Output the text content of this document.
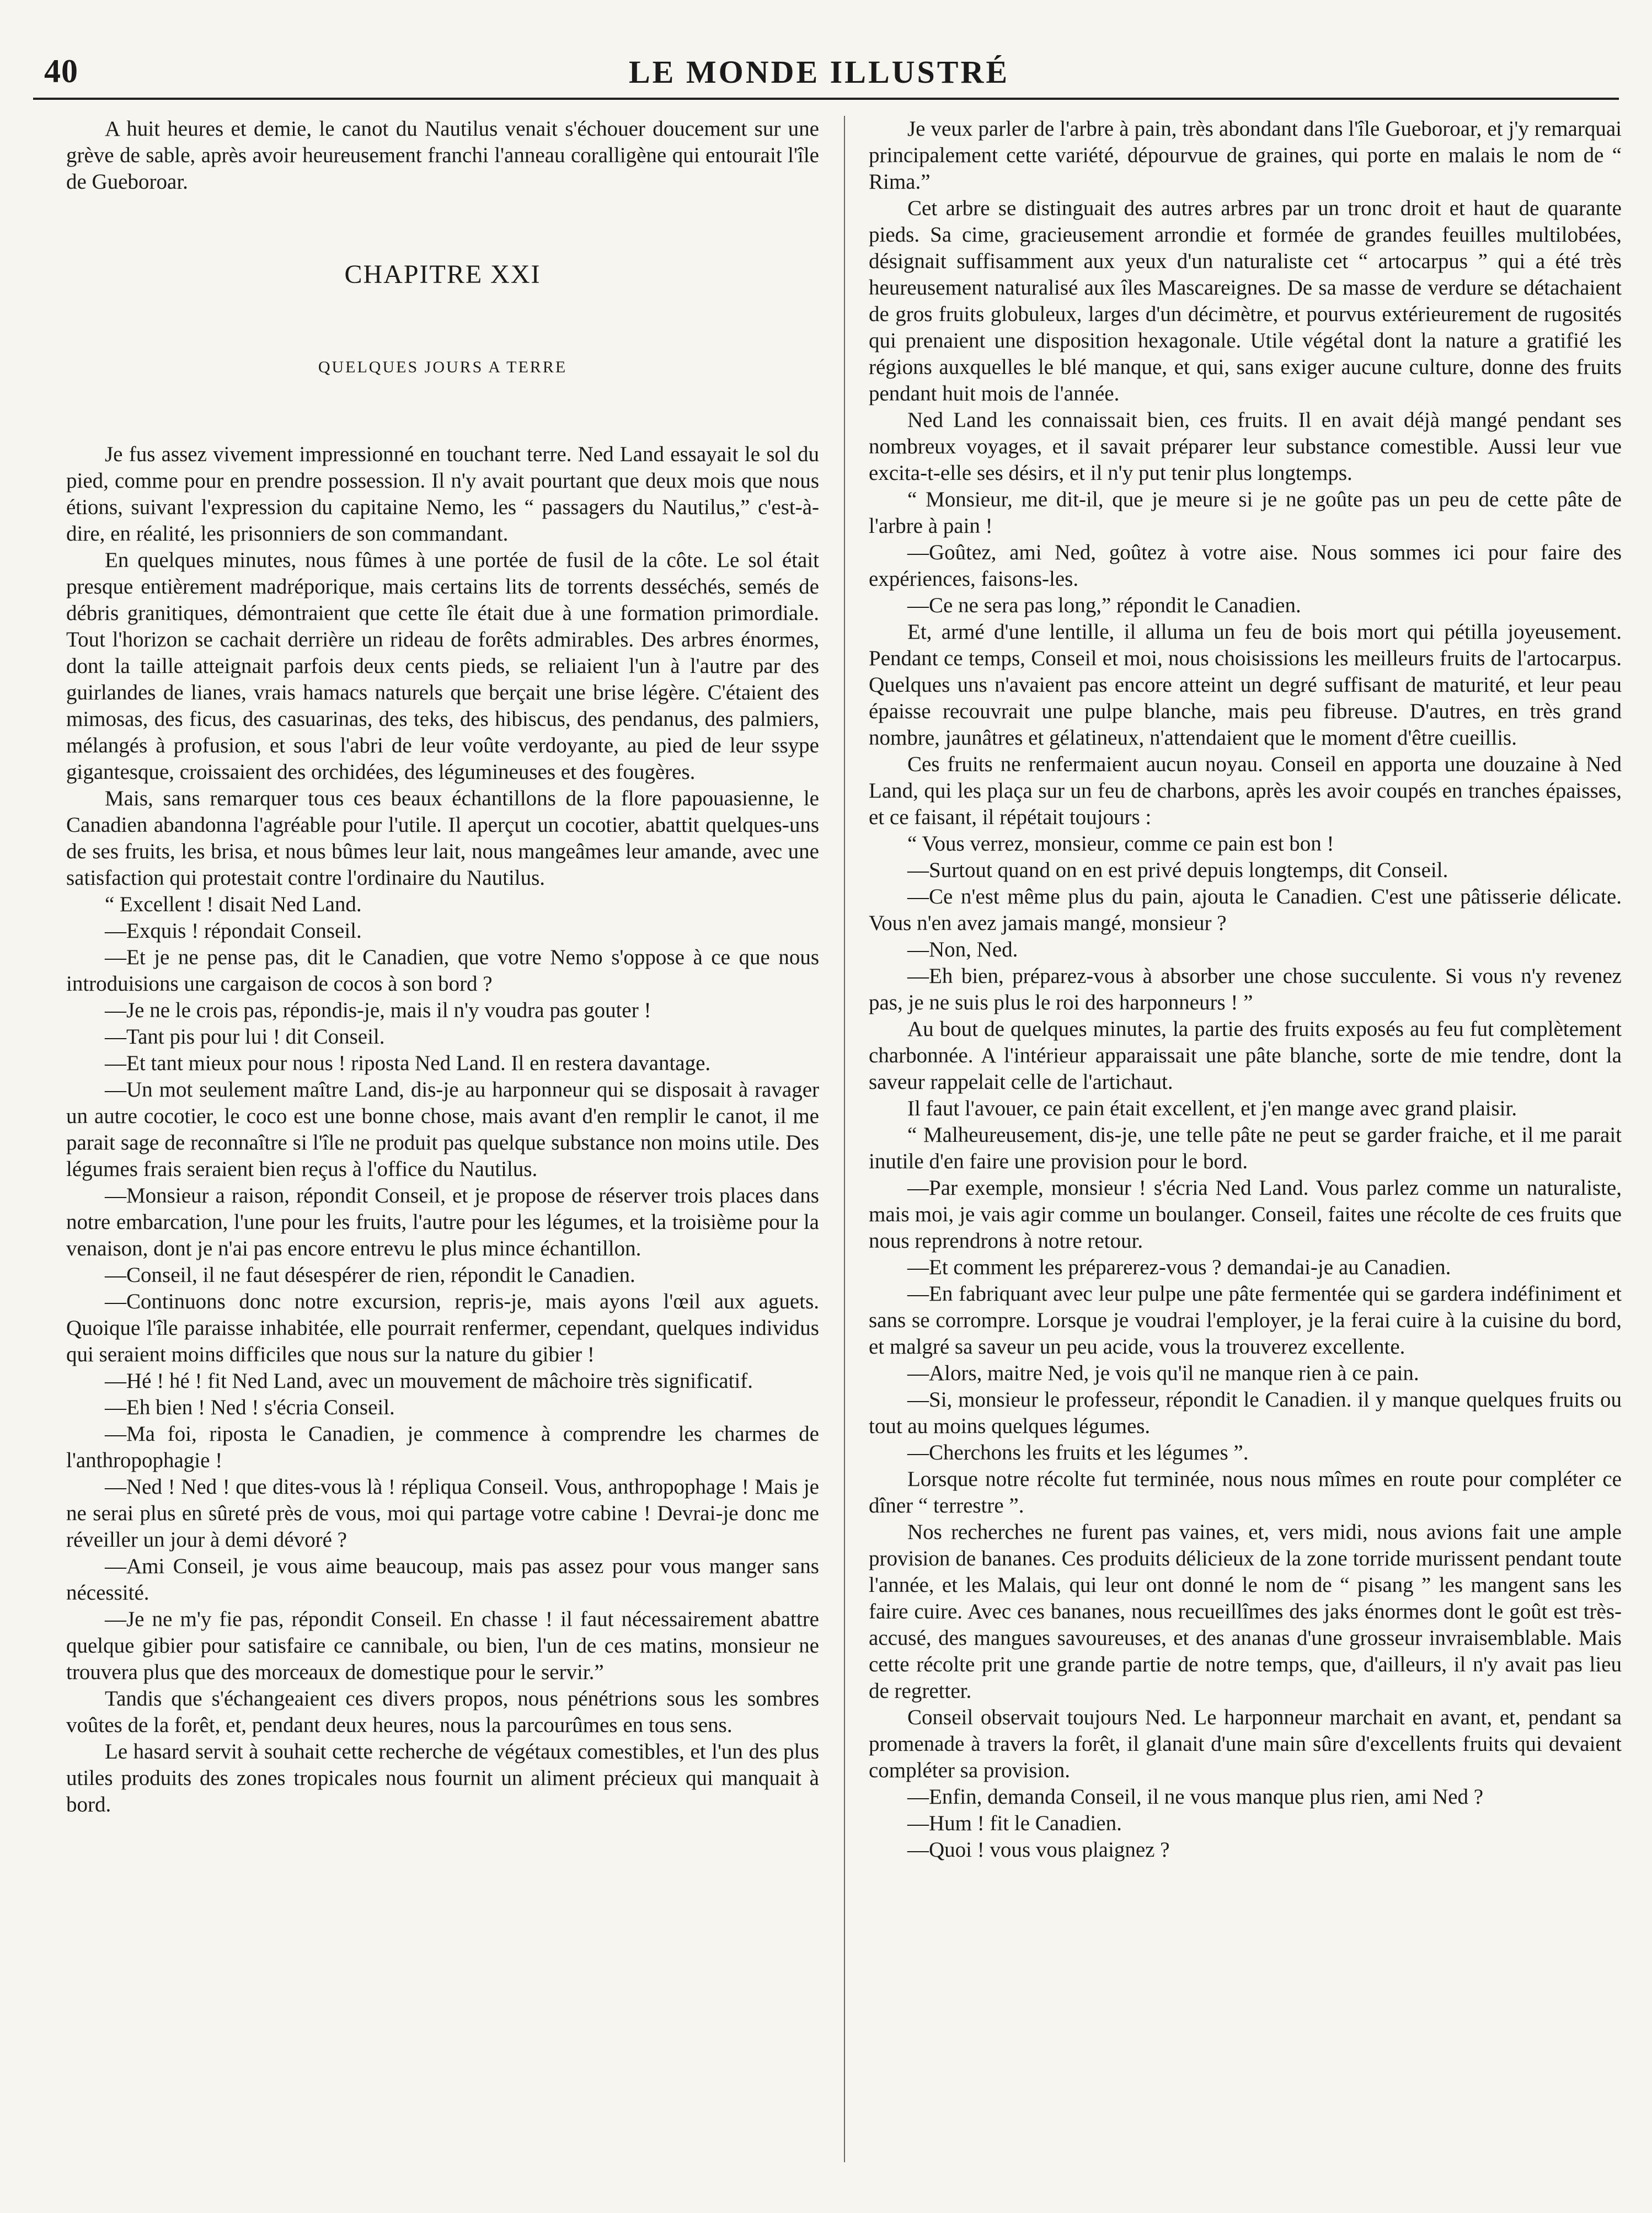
40	LE MONDE ILLUSTRÉ

A huit heures et demie, le canot du Nautilus venait s'échouer doucement sur une grève de sable, après avoir heureusement franchi l'anneau coralligène qui entourait l'île de Gueboroar.

CHAPITRE XXI

QUELQUES JOURS A TERRE

Je fus assez vivement impressionné en touchant terre. Ned Land essayait le sol du pied, comme pour en prendre possession. Il n'y avait pourtant que deux mois que nous étions, suivant l'expression du capitaine Nemo, les “ passagers du Nautilus,” c'est-à-dire, en réalité, les prisonniers de son commandant.

En quelques minutes, nous fûmes à une portée de fusil de la côte. Le sol était presque entièrement madréporique, mais certains lits de torrents desséchés, semés de débris granitiques, démontraient que cette île était due à une formation primordiale. Tout l'horizon se cachait derrière un rideau de forêts admirables. Des arbres énormes, dont la taille atteignait parfois deux cents pieds, se reliaient l'un à l'autre par des guirlandes de lianes, vrais hamacs naturels que berçait une brise légère. C'étaient des mimosas, des ficus, des casuarinas, des teks, des hibiscus, des pendanus, des palmiers, mélangés à profusion, et sous l'abri de leur voûte verdoyante, au pied de leur ssype gigantesque, croissaient des orchidées, des légumineuses et des fougères.

Mais, sans remarquer tous ces beaux échantillons de la flore papouasienne, le Canadien abandonna l'agréable pour l'utile. Il aperçut un cocotier, abattit quelques-uns de ses fruits, les brisa, et nous bûmes leur lait, nous mangeâmes leur amande, avec une satisfaction qui protestait contre l'ordinaire du Nautilus.

“ Excellent ! disait Ned Land.

—Exquis ! répondait Conseil.

—Et je ne pense pas, dit le Canadien, que votre Nemo s'oppose à ce que nous introduisions une cargaison de cocos à son bord ?

—Je ne le crois pas, répondis-je, mais il n'y voudra pas gouter !

—Tant pis pour lui ! dit Conseil.

—Et tant mieux pour nous ! riposta Ned Land. Il en restera davantage.

—Un mot seulement maître Land, dis-je au harponneur qui se disposait à ravager un autre cocotier, le coco est une bonne chose, mais avant d'en remplir le canot, il me parait sage de reconnaître si l'île ne produit pas quelque substance non moins utile. Des légumes frais seraient bien reçus à l'office du Nautilus.

—Monsieur a raison, répondit Conseil, et je propose de réserver trois places dans notre embarcation, l'une pour les fruits, l'autre pour les légumes, et la troisième pour la venaison, dont je n'ai pas encore entrevu le plus mince échantillon.

—Conseil, il ne faut désespérer de rien, répondit le Canadien.

—Continuons donc notre excursion, repris-je, mais ayons l'œil aux aguets. Quoique l'île paraisse inhabitée, elle pourrait renfermer, cependant, quelques individus qui seraient moins difficiles que nous sur la nature du gibier !

—Hé ! hé ! fit Ned Land, avec un mouvement de mâchoire très significatif.

—Eh bien ! Ned ! s'écria Conseil.

—Ma foi, riposta le Canadien, je commence à comprendre les charmes de l'anthropophagie !

—Ned ! Ned ! que dites-vous là ! répliqua Conseil. Vous, anthropophage ! Mais je ne serai plus en sûreté près de vous, moi qui partage votre cabine ! Devrai-je donc me réveiller un jour à demi dévoré ?

—Ami Conseil, je vous aime beaucoup, mais pas assez pour vous manger sans nécessité.

—Je ne m'y fie pas, répondit Conseil. En chasse ! il faut nécessairement abattre quelque gibier pour satisfaire ce cannibale, ou bien, l'un de ces matins, monsieur ne trouvera plus que des morceaux de domestique pour le servir.”

Tandis que s'échangeaient ces divers propos, nous pénétrions sous les sombres voûtes de la forêt, et, pendant deux heures, nous la parcourûmes en tous sens.

Le hasard servit à souhait cette recherche de végétaux comestibles, et l'un des plus utiles produits des zones tropicales nous fournit un aliment précieux qui manquait à bord.

Je veux parler de l'arbre à pain, très abondant dans l'île Gueboroar, et j'y remarquai principalement cette variété, dépourvue de graines, qui porte en malais le nom de “ Rima.”

Cet arbre se distinguait des autres arbres par un tronc droit et haut de quarante pieds. Sa cime, gracieusement arrondie et formée de grandes feuilles multilobées, désignait suffisamment aux yeux d'un naturaliste cet “ artocarpus ” qui a été très heureusement naturalisé aux îles Mascareignes. De sa masse de verdure se détachaient de gros fruits globuleux, larges d'un décimètre, et pourvus extérieurement de rugosités qui prenaient une disposition hexagonale. Utile végétal dont la nature a gratifié les régions auxquelles le blé manque, et qui, sans exiger aucune culture, donne des fruits pendant huit mois de l'année.

Ned Land les connaissait bien, ces fruits. Il en avait déjà mangé pendant ses nombreux voyages, et il savait préparer leur substance comestible. Aussi leur vue excita-t-elle ses désirs, et il n'y put tenir plus longtemps.

“ Monsieur, me dit-il, que je meure si je ne goûte pas un peu de cette pâte de l'arbre à pain !

—Goûtez, ami Ned, goûtez à votre aise. Nous sommes ici pour faire des expériences, faisons-les.

—Ce ne sera pas long,” répondit le Canadien.

Et, armé d'une lentille, il alluma un feu de bois mort qui pétilla joyeusement. Pendant ce temps, Conseil et moi, nous choisissions les meilleurs fruits de l'artocarpus. Quelques uns n'avaient pas encore atteint un degré suffisant de maturité, et leur peau épaisse recouvrait une pulpe blanche, mais peu fibreuse. D'autres, en très grand nombre, jaunâtres et gélatineux, n'attendaient que le moment d'être cueillis.

Ces fruits ne renfermaient aucun noyau. Conseil en apporta une douzaine à Ned Land, qui les plaça sur un feu de charbons, après les avoir coupés en tranches épaisses, et ce faisant, il répétait toujours :

“ Vous verrez, monsieur, comme ce pain est bon !

—Surtout quand on en est privé depuis longtemps, dit Conseil.

—Ce n'est même plus du pain, ajouta le Canadien. C'est une pâtisserie délicate. Vous n'en avez jamais mangé, monsieur ?

—Non, Ned.

—Eh bien, préparez-vous à absorber une chose succulente. Si vous n'y revenez pas, je ne suis plus le roi des harponneurs ! ”

Au bout de quelques minutes, la partie des fruits exposés au feu fut complètement charbonnée. A l'intérieur apparaissait une pâte blanche, sorte de mie tendre, dont la saveur rappelait celle de l'artichaut.

Il faut l'avouer, ce pain était excellent, et j'en mange avec grand plaisir.

“ Malheureusement, dis-je, une telle pâte ne peut se garder fraiche, et il me parait inutile d'en faire une provision pour le bord.

—Par exemple, monsieur ! s'écria Ned Land. Vous parlez comme un naturaliste, mais moi, je vais agir comme un boulanger. Conseil, faites une récolte de ces fruits que nous reprendrons à notre retour.

—Et comment les préparerez-vous ? demandai-je au Canadien.

—En fabriquant avec leur pulpe une pâte fermentée qui se gardera indéfiniment et sans se corrompre. Lorsque je voudrai l'employer, je la ferai cuire à la cuisine du bord, et malgré sa saveur un peu acide, vous la trouverez excellente.

—Alors, maitre Ned, je vois qu'il ne manque rien à ce pain.

—Si, monsieur le professeur, répondit le Canadien. il y manque quelques fruits ou tout au moins quelques légumes.

—Cherchons les fruits et les légumes ”.

Lorsque notre récolte fut terminée, nous nous mîmes en route pour compléter ce dîner “ terrestre ”.

Nos recherches ne furent pas vaines, et, vers midi, nous avions fait une ample provision de bananes. Ces produits délicieux de la zone torride murissent pendant toute l'année, et les Malais, qui leur ont donné le nom de “ pisang ” les mangent sans les faire cuire. Avec ces bananes, nous recueillîmes des jaks énormes dont le goût est très-accusé, des mangues savoureuses, et des ananas d'une grosseur invraisemblable. Mais cette récolte prit une grande partie de notre temps, que, d'ailleurs, il n'y avait pas lieu de regretter.

Conseil observait toujours Ned. Le harponneur marchait en avant, et, pendant sa promenade à travers la forêt, il glanait d'une main sûre d'excellents fruits qui devaient compléter sa provision.

—Enfin, demanda Conseil, il ne vous manque plus rien, ami Ned ?

—Hum ! fit le Canadien.

—Quoi ! vous vous plaignez ?
